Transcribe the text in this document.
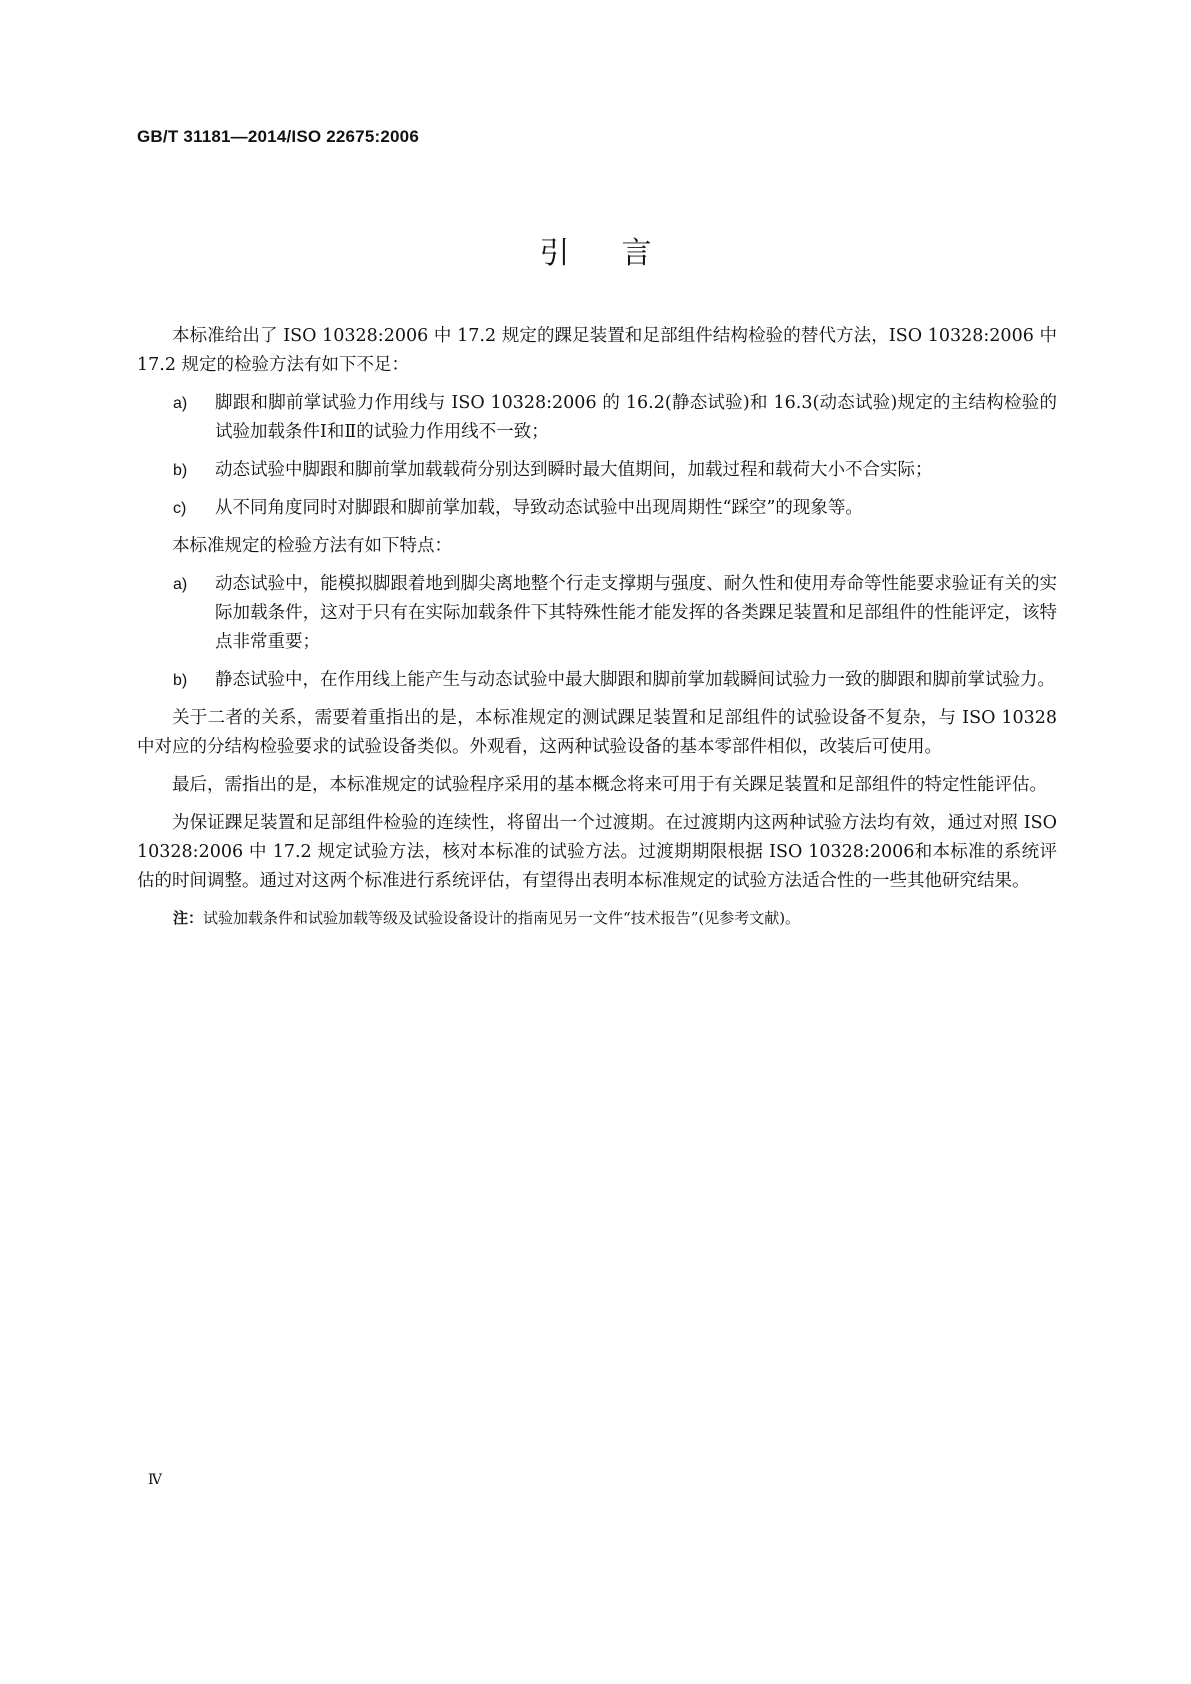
GB/T 31181—2014/ISO 22675:2006
引言

本标准给出了 ISO 10328:2006 中 17.2 规定的踝足装置和足部组件结构检验的替代方法，ISO 10328:2006 中 17.2 规定的检验方法有如下不足：

a) 脚跟和脚前掌试验力作用线与 ISO 10328:2006 的 16.2(静态试验)和 16.3(动态试验)规定的主结构检验的试验加载条件Ⅰ和Ⅱ的试验力作用线不一致；
b) 动态试验中脚跟和脚前掌加载载荷分别达到瞬时最大值期间，加载过程和载荷大小不合实际；
c) 从不同角度同时对脚跟和脚前掌加载，导致动态试验中出现周期性“踩空”的现象等。

本标准规定的检验方法有如下特点：

a) 动态试验中，能模拟脚跟着地到脚尖离地整个行走支撑期与强度、耐久性和使用寿命等性能要求验证有关的实际加载条件，这对于只有在实际加载条件下其特殊性能才能发挥的各类踝足装置和足部组件的性能评定，该特点非常重要；
b) 静态试验中，在作用线上能产生与动态试验中最大脚跟和脚前掌加载瞬间试验力一致的脚跟和脚前掌试验力。

关于二者的关系，需要着重指出的是，本标准规定的测试踝足装置和足部组件的试验设备不复杂，与 ISO 10328 中对应的分结构检验要求的试验设备类似。外观看，这两种试验设备的基本零部件相似，改装后可使用。

最后，需指出的是，本标准规定的试验程序采用的基本概念将来可用于有关踝足装置和足部组件的特定性能评估。

为保证踝足装置和足部组件检验的连续性，将留出一个过渡期。在过渡期内这两种试验方法均有效，通过对照 ISO 10328:2006 中 17.2 规定试验方法，核对本标准的试验方法。过渡期期限根据 ISO 10328:2006和本标准的系统评估的时间调整。通过对这两个标准进行系统评估，有望得出表明本标准规定的试验方法适合性的一些其他研究结果。

注：试验加载条件和试验加载等级及试验设备设计的指南见另一文件“技术报告”(见参考文献)。

Ⅳ
